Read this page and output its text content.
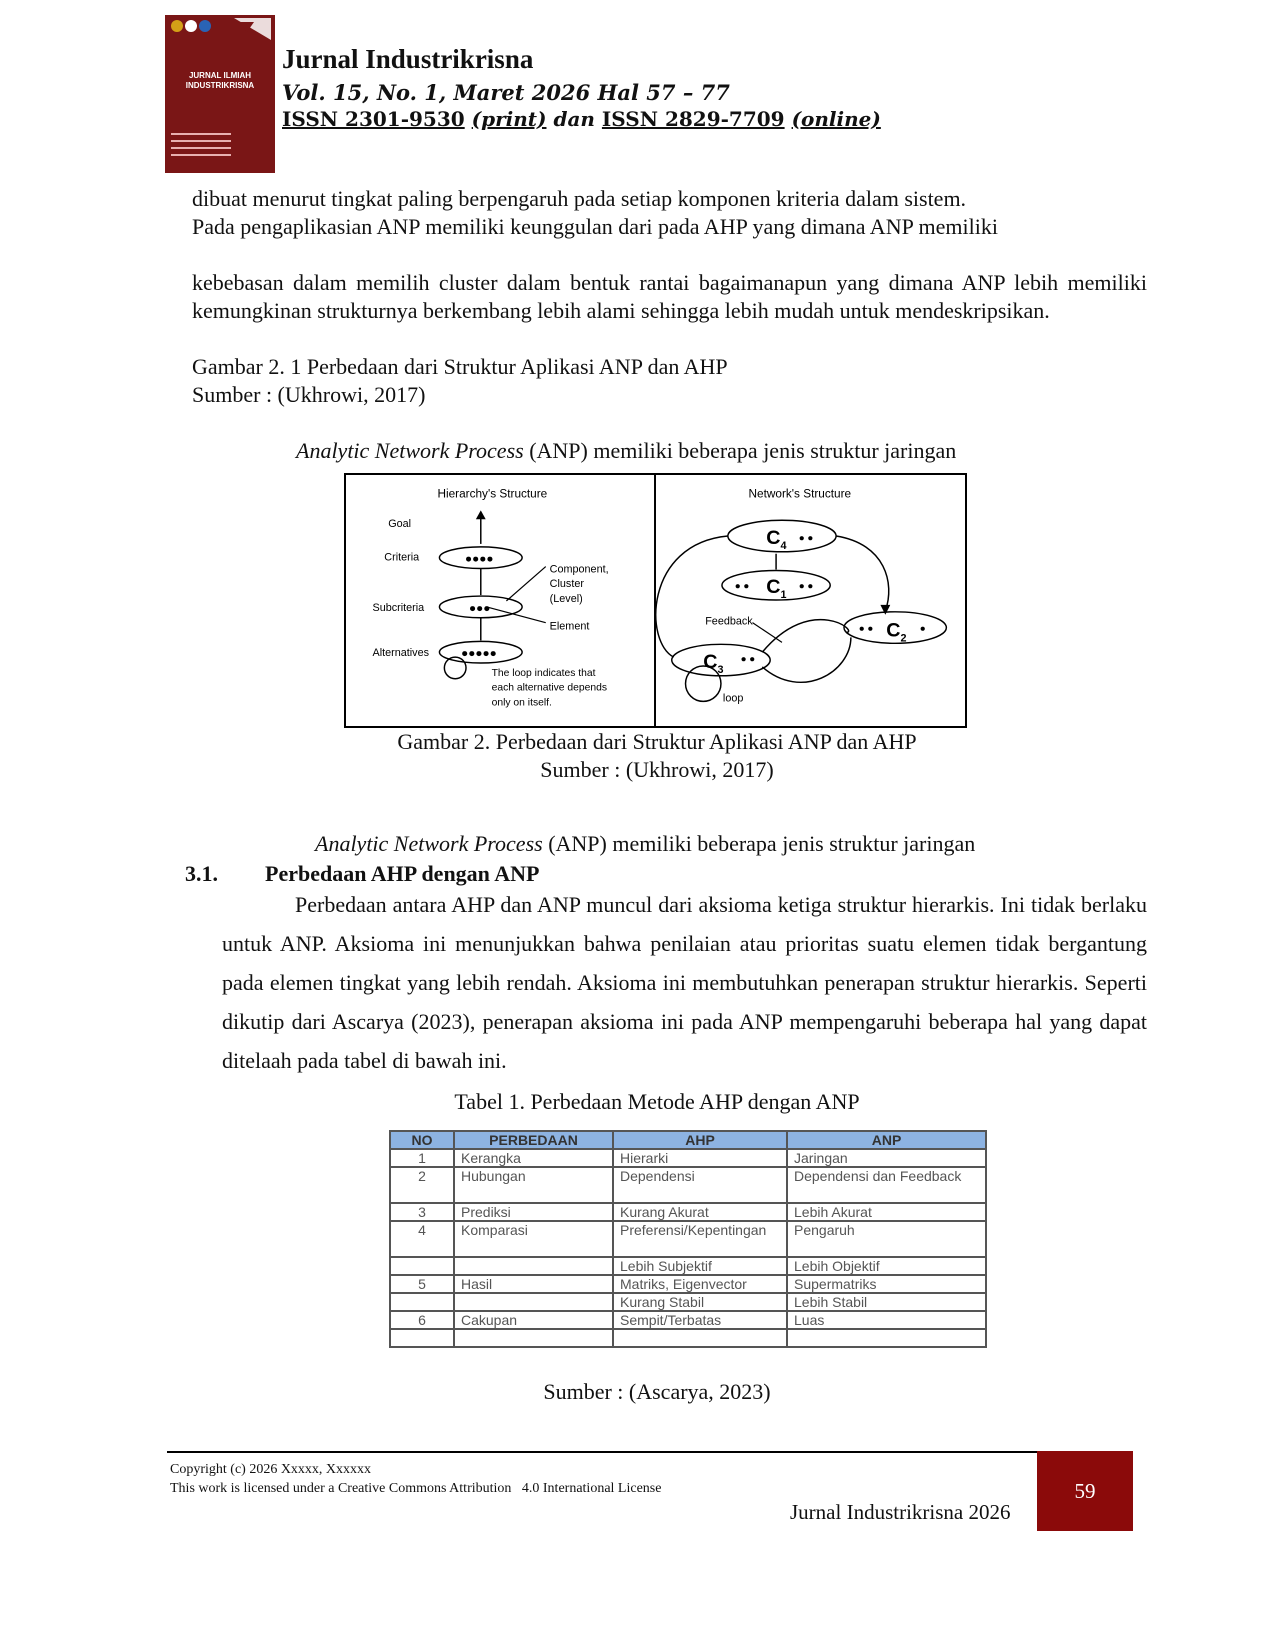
JURNAL ILMIAH INDUSTRIKRISNA
Jurnal Industrikrisna
Vol. 15, No. 1, Maret 2026 Hal 57 – 77
ISSN 2301-9530 (print) dan ISSN 2829-7709 (online)
dibuat menurut tingkat paling berpengaruh pada setiap komponen kriteria dalam sistem.
Pada pengaplikasian ANP memiliki keunggulan dari pada AHP yang dimana ANP memiliki
kebebasan dalam memilih cluster dalam bentuk rantai bagaimanapun yang dimana ANP lebih memiliki kemungkinan strukturnya berkembang lebih alami sehingga lebih mudah untuk mendeskripsikan.
Gambar 2. 1 Perbedaan dari Struktur Aplikasi ANP dan AHP
Sumber : (Ukhrowi, 2017)
Analytic Network Process (ANP) memiliki beberapa jenis struktur jaringan
Hierarchy's Structure
Goal
Criteria
Subcriteria
Alternatives
●●●●
●●●
●●●●●
Component,
Cluster
(Level)
Element
The loop indicates that
each alternative depends
only on itself.
Network's Structure
$C_4$
● ●
● ● $C_1$
● ●
● ● $C_2$
●
$C_3$
● ●
Feedback
loop
Gambar 2. Perbedaan dari Struktur Aplikasi ANP dan AHP
Sumber : (Ukhrowi, 2017)
Analytic Network Process (ANP) memiliki beberapa jenis struktur jaringan
3.1. Perbedaan AHP dengan ANP
Perbedaan antara AHP dan ANP muncul dari aksioma ketiga struktur hierarkis. Ini tidak berlaku untuk ANP. Aksioma ini menunjukkan bahwa penilaian atau prioritas suatu elemen tidak bergantung pada elemen tingkat yang lebih rendah. Aksioma ini membutuhkan penerapan struktur hierarkis. Seperti dikutip dari Ascarya (2023), penerapan aksioma ini pada ANP mempengaruhi beberapa hal yang dapat ditelaah pada tabel di bawah ini.
Tabel 1. Perbedaan Metode AHP dengan ANP
NO	PERBEDAAN	AHP	ANP
1	Kerangka	Hierarki	Jaringan
2	Hubungan	Dependensi	Dependensi dan Feedback
3	Prediksi	Kurang Akurat	Lebih Akurat
4	Komparasi	Preferensi/Kepentingan	Pengaruh
		Lebih Subjektif	Lebih Objektif
5	Hasil	Matriks, Eigenvector	Supermatriks
		Kurang Stabil	Lebih Stabil
6	Cakupan	Sempit/Terbatas	Luas

Sumber : (Ascarya, 2023)
Copyright (c) 2026 Xxxxx, Xxxxxx
This work is licensed under a Creative Commons Attribution   4.0 International License
Jurnal Industrikrisna 2026
59
